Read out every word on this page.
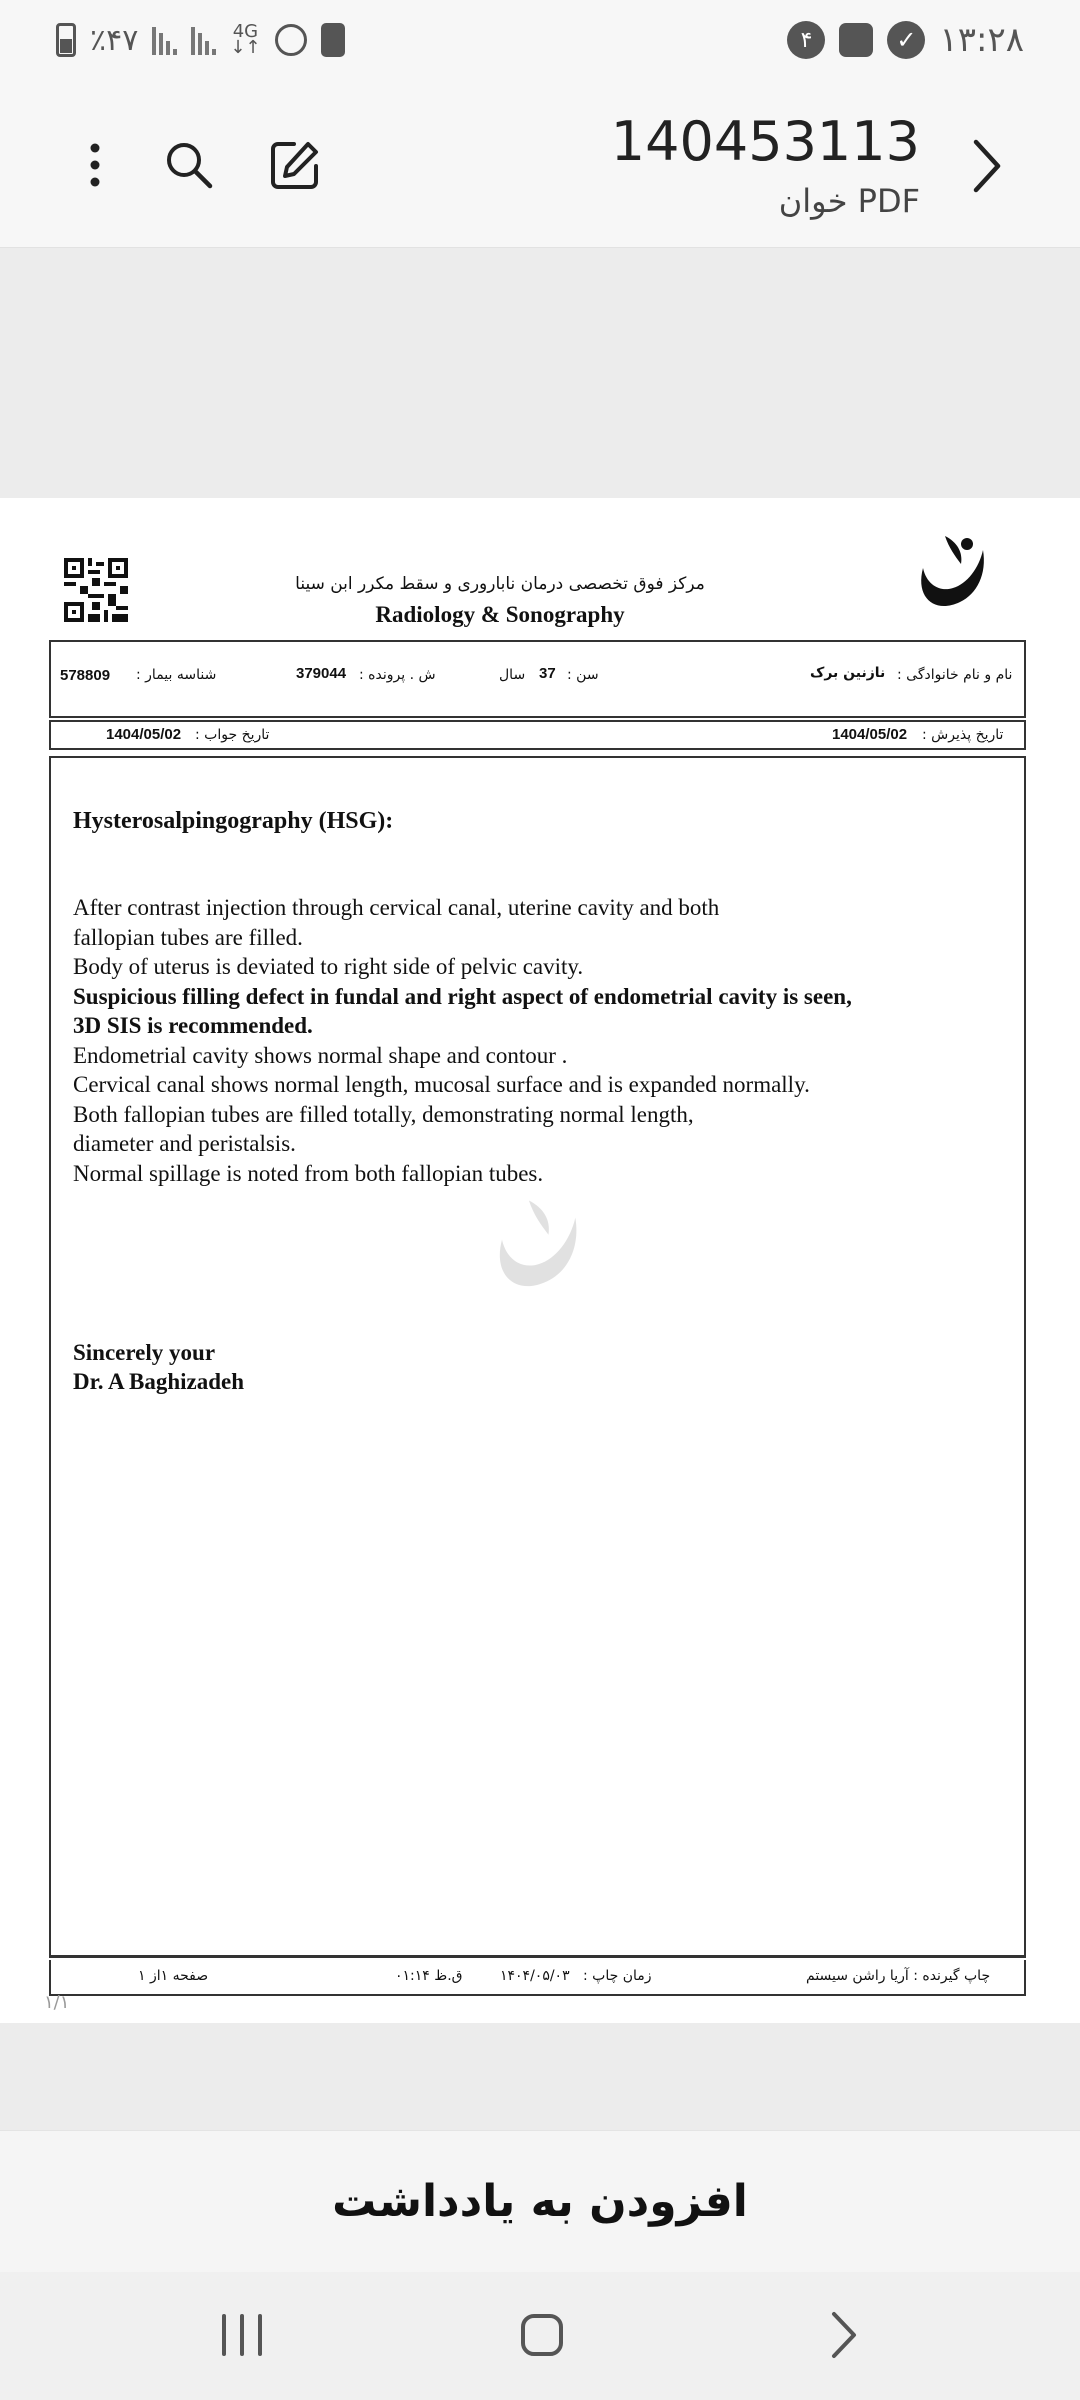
٪۴۷	4G
↓↑	۴	✓ ۱۳:۲۸
140453113
PDF خوان
مرکز فوق تخصصی درمان ناباروری و سقط مکرر ابن سینا
Radiology & Sonography
نام و نام خانوادگی :
نازنین برک
سن :
37
سال
ش . پرونده :
379044
شناسه بیمار :
578809
تاریخ پذیرش :
1404/05/02
تاریخ جواب :
1404/05/02
Hysterosalpingography (HSG):

After contrast injection through cervical canal, uterine cavity and both

fallopian tubes are filled.

Body of uterus is deviated to right side of pelvic cavity.

Suspicious filling defect in fundal and right aspect of endometrial cavity is seen,

3D SIS is recommended.

Endometrial cavity shows normal shape and contour .

Cervical canal shows normal length, mucosal surface and is expanded normally.

Both fallopian tubes are filled totally, demonstrating normal length,

diameter and peristalsis.

Normal spillage is noted from both fallopian tubes.

Sincerely your
Dr. A Baghizadeh
چاپ گیرنده : آریا راشن سیستم
زمان چاپ :
۱۴۰۴/۰۵/۰۳
ق.ظ ۰۱:۱۴
صفحه ۱از ۱
۱/۱
افزودن به یادداشت
